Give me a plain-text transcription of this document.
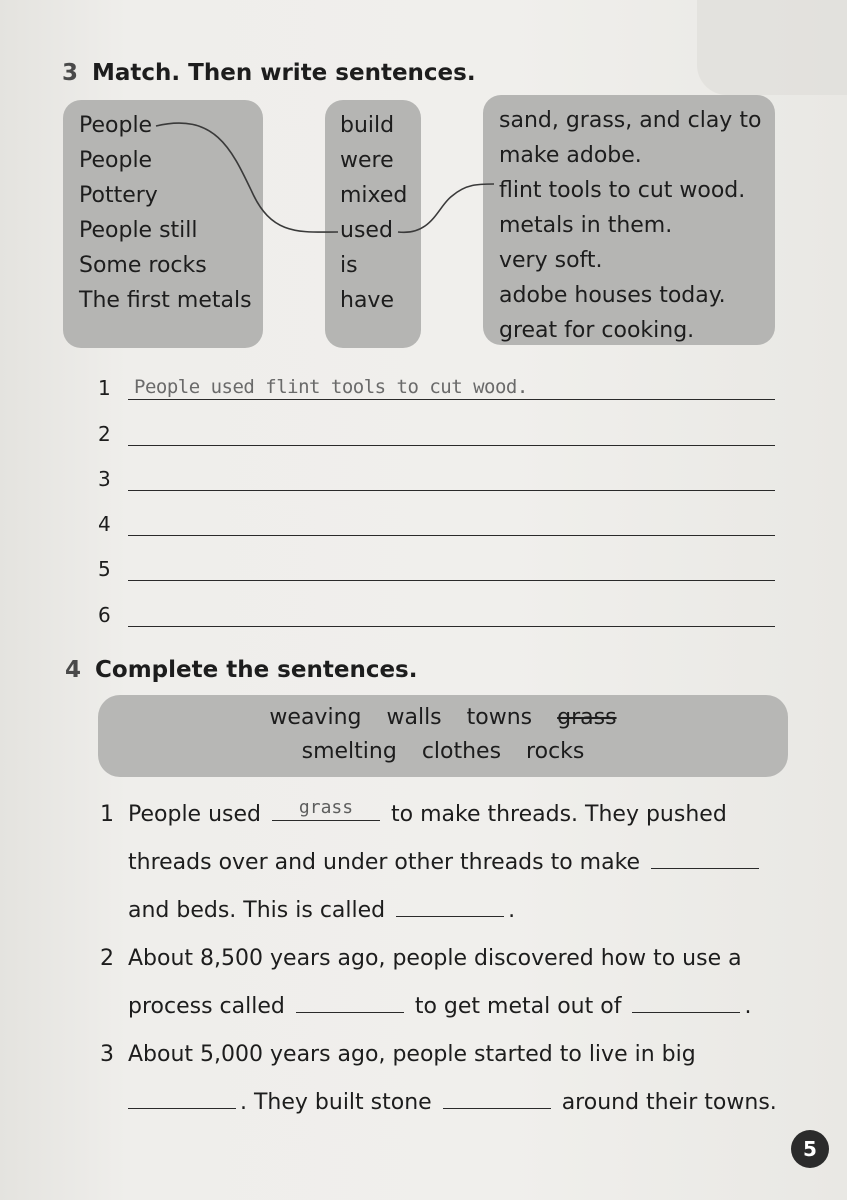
3 Match. Then write sentences.
People
People
Pottery
People still
Some rocks
The first metals
build
were
mixed
used
is
have
sand, grass, and clay to
make adobe.
flint tools to cut wood.
metals in them.
very soft.
adobe houses today.
great for cooking.
1 People used flint tools to cut wood.
2
3
4
5
6
4 Complete the sentences.
weaving walls towns grass
smelting clothes rocks
1 People used	grass	to make threads. They pushed
threads over and under other threads to make
and beds. This is called	.
2 About 8,500 years ago, people discovered how to use a
process called	to get metal out of	.
3 About 5,000 years ago, people started to live in big
. They built stone	around their towns.
5
